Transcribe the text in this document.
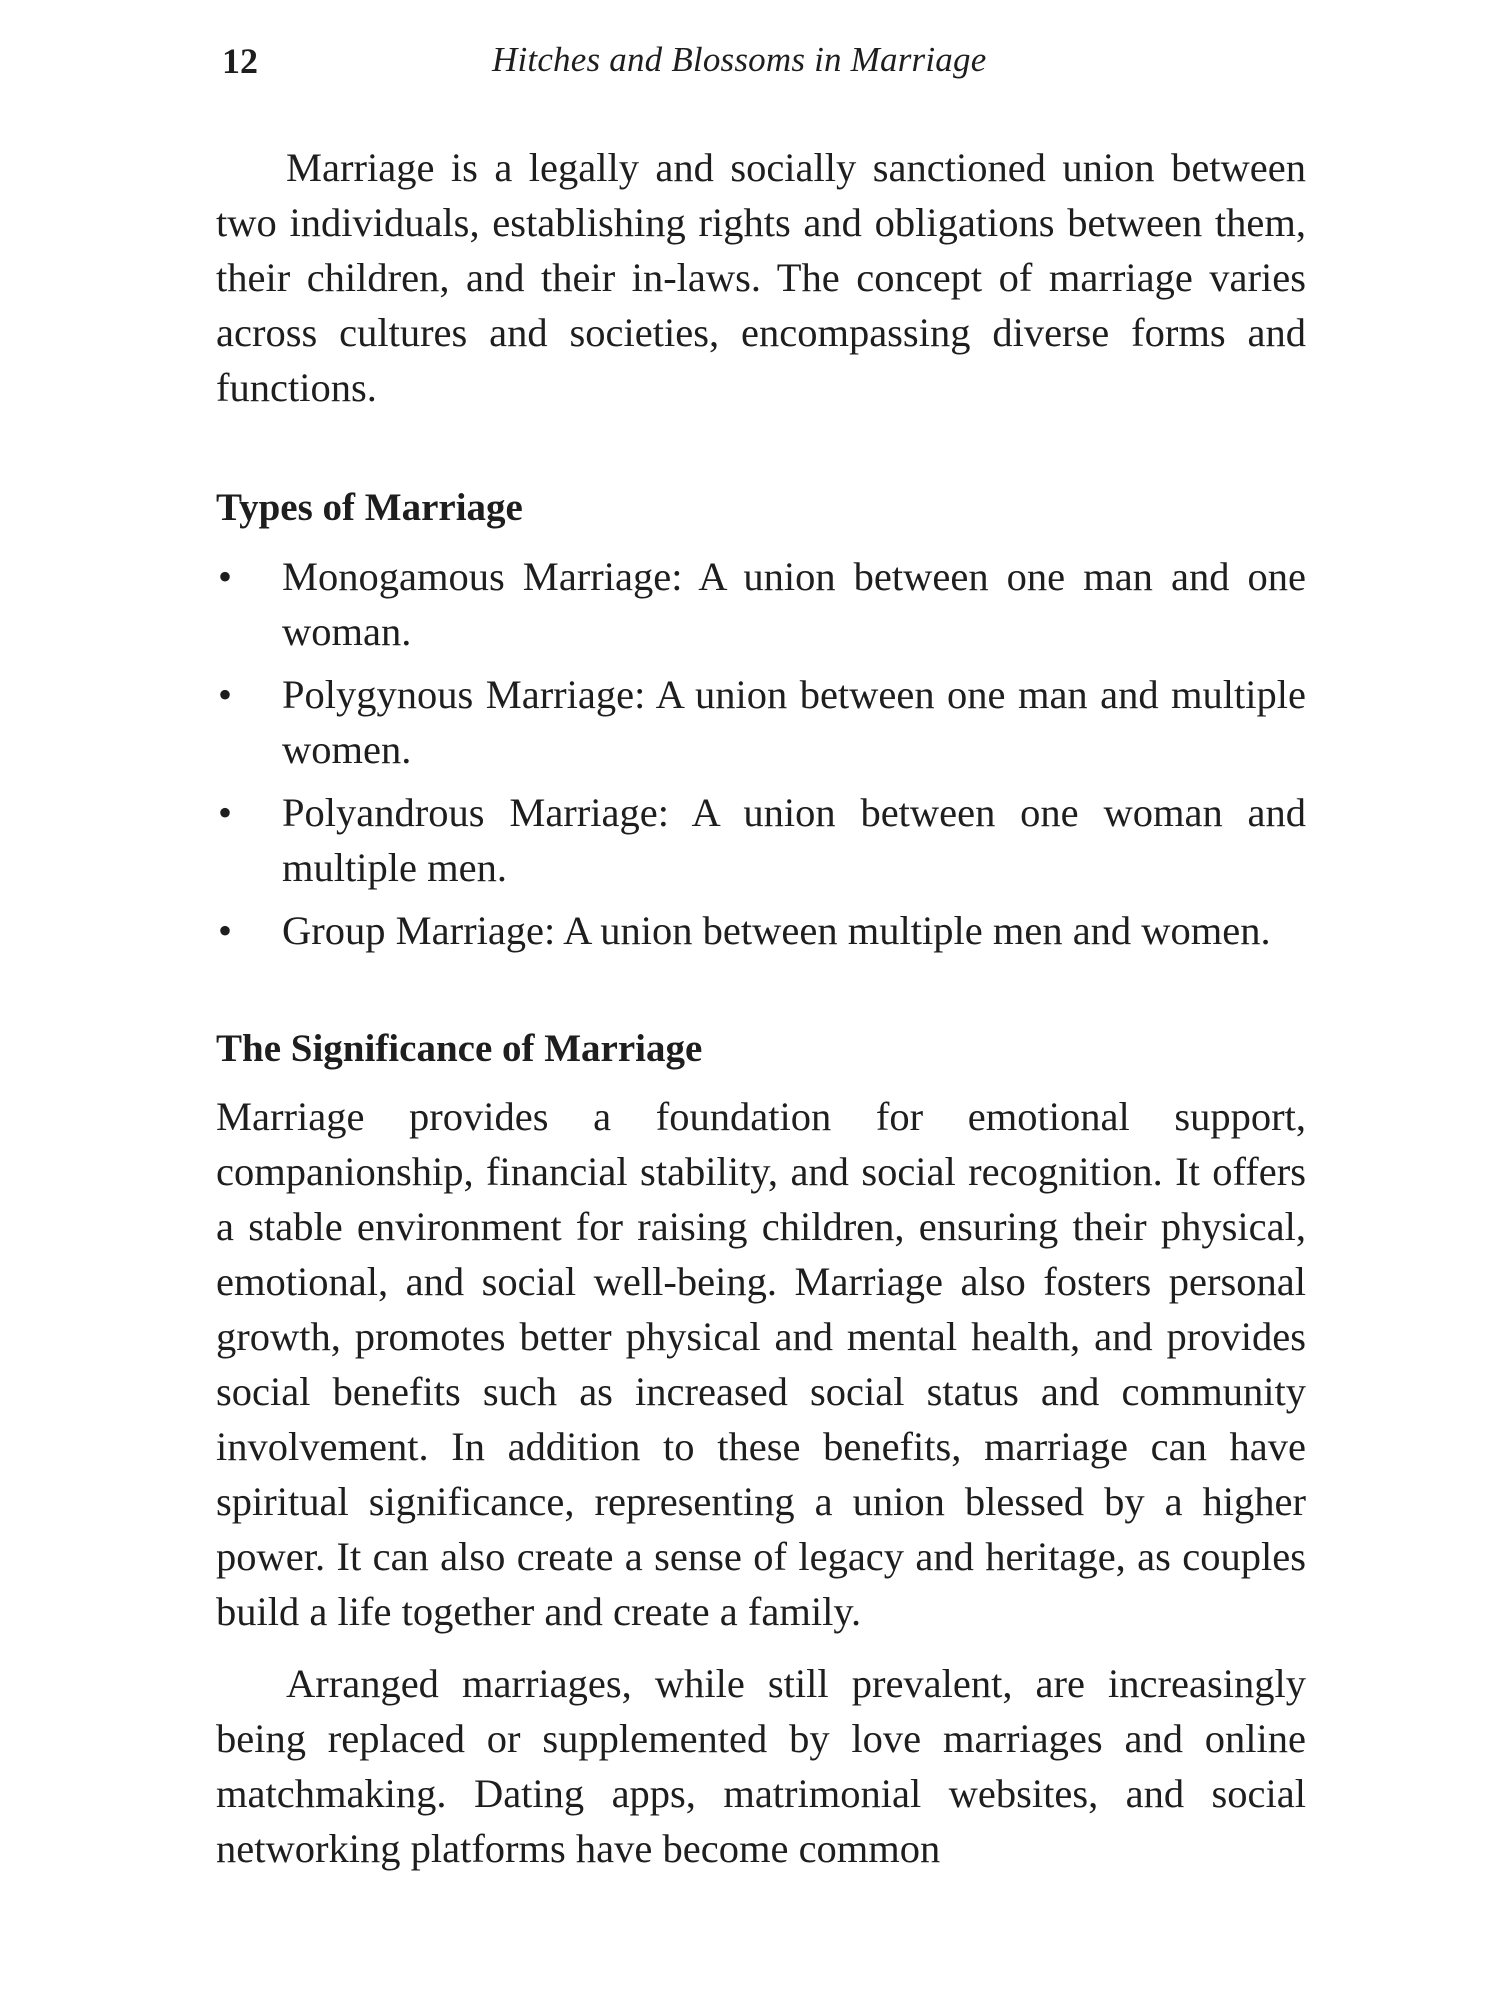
12	Hitches and Blossoms in Marriage

Marriage is a legally and socially sanctioned union between two individuals, establishing rights and obligations between them, their children, and their in-laws. The concept of marriage varies across cultures and societies, encompassing diverse forms and functions.

Types of Marriage
• Monogamous Marriage: A union between one man and one woman.

• Polygynous Marriage: A union between one man and multiple women.

• Polyandrous Marriage: A union between one woman and multiple men.

• Group Marriage: A union between multiple men and women.

The Significance of Marriage

Marriage provides a foundation for emotional support, companionship, financial stability, and social recognition. It offers a stable environment for raising children, ensuring their physical, emotional, and social well-being. Marriage also fosters personal growth, promotes better physical and mental health, and provides social benefits such as increased social status and community involvement. In addition to these benefits, marriage can have spiritual significance, representing a union blessed by a higher power. It can also create a sense of legacy and heritage, as couples build a life together and create a family.

Arranged marriages, while still prevalent, are increasingly being replaced or supplemented by love marriages and online matchmaking. Dating apps, matrimonial websites, and social networking platforms have become common
